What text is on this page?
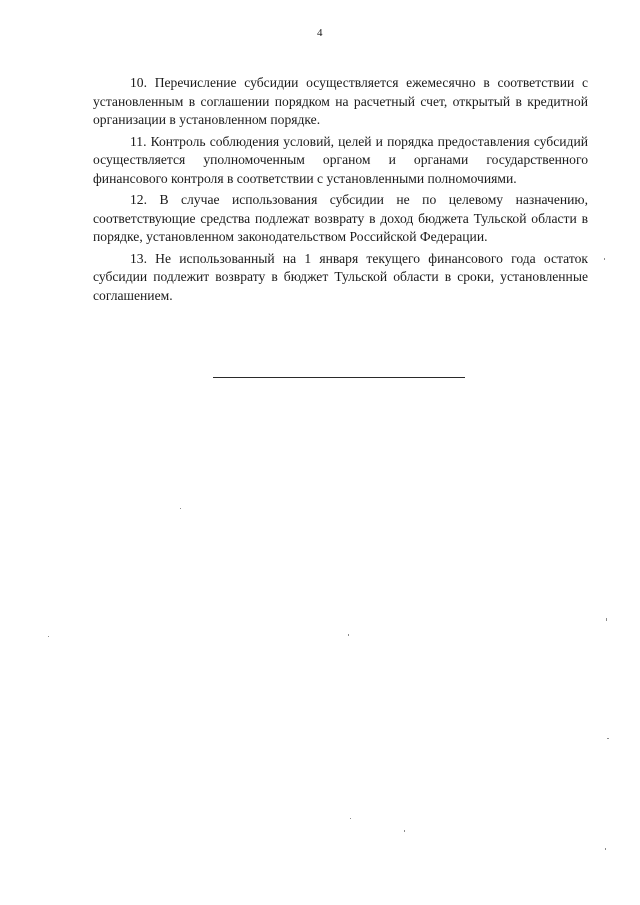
4

10. Перечисление субсидии осуществляется ежемесячно в соответствии с установленным в соглашении порядком на расчетный счет, открытый в кредитной организации в установленном порядке.

11. Контроль соблюдения условий, целей и порядка предоставления субсидий осуществляется уполномоченным органом и органами государственного финансового контроля в соответствии с установленными полномочиями.

12. В случае использования субсидии не по целевому назначению, соответствующие средства подлежат возврату в доход бюджета Тульской области в порядке, установленном законодательством Российской Федерации.

13. Не использованный на 1 января текущего финансового года остаток субсидии подлежит возврату в бюджет Тульской области в сроки, установленные соглашением.
